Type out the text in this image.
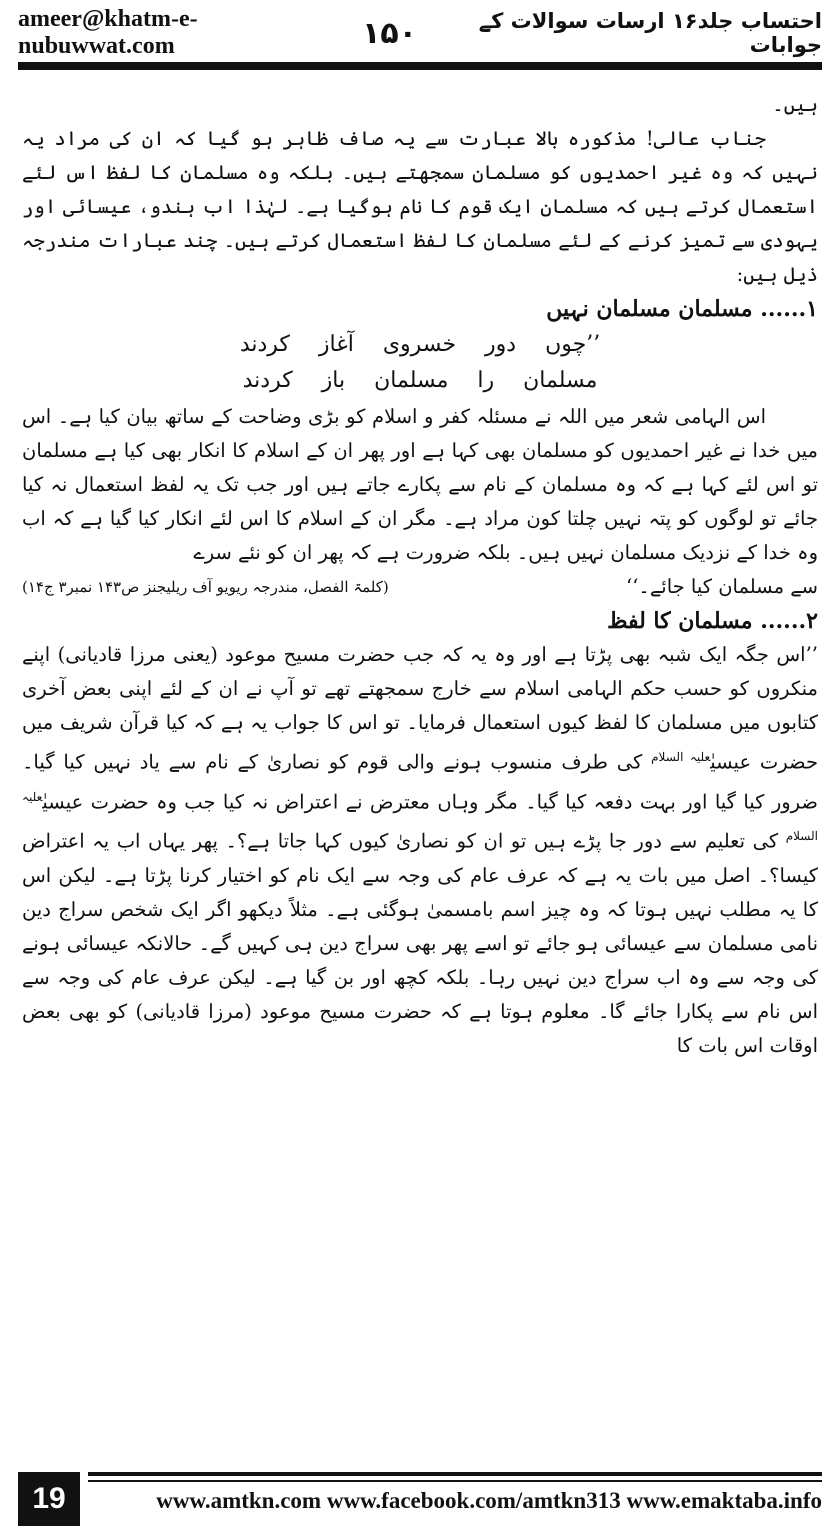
ameer@khatm-e-nubuwwat.com	۱۵۰	احتساب جلد۱۶ ارسات سوالات کے جوابات

ہیں۔

جناب عالی! مذکورہ بالا عبارت سے یہ صاف ظاہر ہو گیا کہ ان کی مراد یہ نہیں کہ وہ غیر احمدیوں کو مسلمان سمجھتے ہیں۔ بلکہ وہ مسلمان کا لفظ اس لئے استعمال کرتے ہیں کہ مسلمان ایک قوم کا نام ہوگیا ہے۔ لہٰذا اب ہندو، عیسائی اور یہودی سے تمیز کرنے کے لئے مسلمان کا لفظ استعمال کرتے ہیں۔ چند عبارات مندرجہ ذیل ہیں:

۱...... مسلمان مسلمان نہیں

’’چوں دور خسروی آغاز کردند
مسلمان را مسلمان باز کردند

اس الہامی شعر میں اللہ نے مسئلہ کفر و اسلام کو بڑی وضاحت کے ساتھ بیان کیا ہے۔ اس میں خدا نے غیر احمدیوں کو مسلمان بھی کہا ہے اور پھر ان کے اسلام کا انکار بھی کیا ہے مسلمان تو اس لئے کہا ہے کہ وہ مسلمان کے نام سے پکارے جاتے ہیں اور جب تک یہ لفظ استعمال نہ کیا جائے تو لوگوں کو پتہ نہیں چلتا کون مراد ہے۔ مگر ان کے اسلام کا اس لئے انکار کیا گیا ہے کہ اب وہ خدا کے نزدیک مسلمان نہیں ہیں۔ بلکہ ضرورت ہے کہ پھر ان کو نئے سرے

سے مسلمان کیا جائے۔‘‘
(کلمۃ الفصل، مندرجہ ریویو آف ریلیجنز ص۱۴۳ نمبر۳ ج۱۴)

۲...... مسلمان کا لفظ

’’اس جگہ ایک شبہ بھی پڑتا ہے اور وہ یہ کہ جب حضرت مسیح موعود (یعنی مرزا قادیانی) اپنے منکروں کو حسب حکم الہامی اسلام سے خارج سمجھتے تھے تو آپ نے ان کے لئے اپنی بعض آخری کتابوں میں مسلمان کا لفظ کیوں استعمال فرمایا۔ تو اس کا جواب یہ ہے کہ کیا قرآن شریف میں حضرت عیسیٰ$^{علیہ السلام}$ کی طرف منسوب ہونے والی قوم کو نصاریٰ کے نام سے یاد نہیں کیا گیا۔ ضرور کیا گیا اور بہت دفعہ کیا گیا۔ مگر وہاں معترض نے اعتراض نہ کیا جب وہ حضرت عیسیٰ$^{علیہ السلام}$ کی تعلیم سے دور جا پڑے ہیں تو ان کو نصاریٰ کیوں کہا جاتا ہے؟۔ پھر یہاں اب یہ اعتراض کیسا؟۔ اصل میں بات یہ ہے کہ عرف عام کی وجہ سے ایک نام کو اختیار کرنا پڑتا ہے۔ لیکن اس کا یہ مطلب نہیں ہوتا کہ وہ چیز اسم بامسمیٰ ہوگئی ہے۔ مثلاً دیکھو اگر ایک شخص سراج دین نامی مسلمان سے عیسائی ہو جائے تو اسے پھر بھی سراج دین ہی کہیں گے۔ حالانکہ عیسائی ہونے کی وجہ سے وہ اب سراج دین نہیں رہا۔ بلکہ کچھ اور بن گیا ہے۔ لیکن عرف عام کی وجہ سے اس نام سے پکارا جائے گا۔ معلوم ہوتا ہے کہ حضرت مسیح موعود (مرزا قادیانی) کو بھی بعض اوقات اس بات کا

19	www.amtkn.com www.facebook.com/amtkn313 www.emaktaba.info
